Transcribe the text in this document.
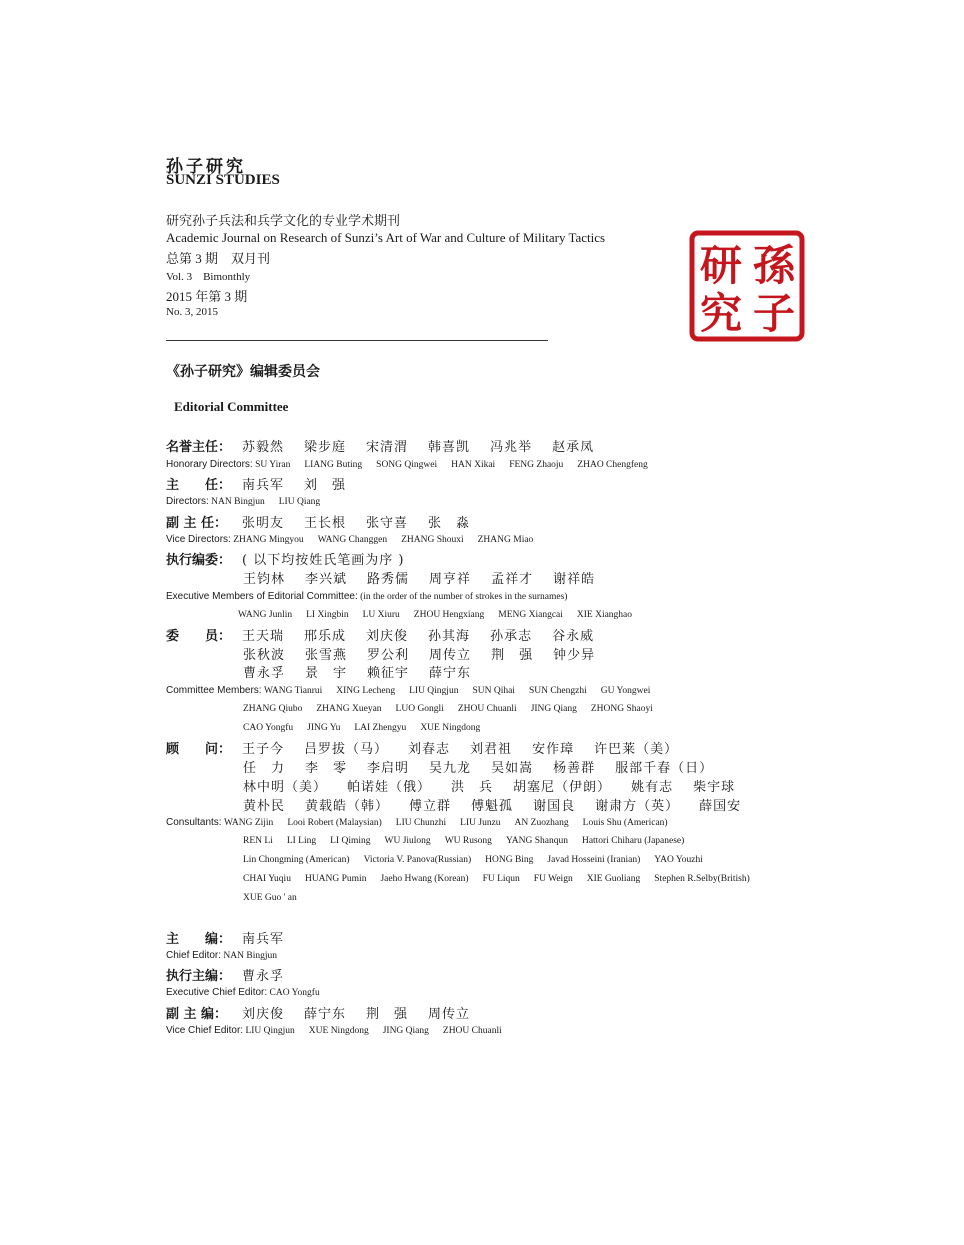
孙子研究
SUNZI STUDIES
研究孙子兵法和兵学文化的专业学术期刊
Academic Journal on Research of Sunzi’s Art of War and Culture of Military Tactics
总第 3 期　双月刊
Vol. 3　Bimonthly
2015 年第 3 期
No. 3, 2015
孫
子
研
究
《孙子研究》编辑委员会
Editorial Committee
名誉主任： 苏毅然 梁步庭 宋清渭 韩喜凯 冯兆举 赵承凤
Honorary Directors: SU Yiran LIANG Buting SONG Qingwei HAN Xikai FENG Zhaoju ZHAO Chengfeng
主　　任： 南兵军 刘　强
Directors: NAN Bingjun LIU Qiang
副 主 任： 张明友 王长根 张守喜 张　淼
Vice Directors: ZHANG Mingyou WANG Changgen ZHANG Shouxi ZHANG Miao
执行编委： ( 以下均按姓氏笔画为序 )
王钧林 李兴斌 路秀儒 周亨祥 孟祥才 谢祥皓
Executive Members of Editorial Committee: (in the order of the number of strokes in the surnames)
WANG Junlin LI Xingbin LU Xiuru ZHOU Hengxiang MENG Xiangcai XIE Xianghao
委　　员： 王天瑞 邢乐成 刘庆俊 孙其海 孙承志 谷永威
张秋波 张雪燕 罗公利 周传立 荆　强 钟少异
曹永孚 景　宇 赖征宇 薛宁东
Committee Members: WANG Tianrui XING Lecheng LIU Qingjun SUN Qihai SUN Chengzhi GU Yongwei
ZHANG Qiubo ZHANG Xueyan LUO Gongli ZHOU Chuanli JING Qiang ZHONG Shaoyi
CAO Yongfu JING Yu LAI Zhengyu XUE Ningdong
顾　　问： 王子今 吕罗拔（马） 刘春志 刘君祖 安作璋 许巴莱（美）
任　力 李　零 李启明 吴九龙 吴如嵩 杨善群 服部千春（日）
林中明（美） 帕诺娃（俄） 洪　兵 胡塞尼（伊朗） 姚有志 柴宇球
黄朴民 黄载皓（韩） 傅立群 傅魁孤 谢国良 谢肃方（英） 薛国安
Consultants: WANG Zijin Looi Robert (Malaysian) LIU Chunzhi LIU Junzu AN Zuozhang Louis Shu (American)
REN Li LI Ling LI Qiming WU Jiulong WU Rusong YANG Shanqun Hattori Chiharu (Japanese)
Lin Chongming (American) Victoria V. Panova(Russian) HONG Bing Javad Hosseini (Iranian) YAO Youzhi
CHAI Yuqiu HUANG Pumin Jaeho Hwang (Korean) FU Liqun FU Weign XIE Guoliang Stephen R.Selby(British)
XUE Guo ' an
主　　编： 南兵军
Chief Editor: NAN Bingjun
执行主编： 曹永孚
Executive Chief Editor: CAO Yongfu
副 主 编： 刘庆俊 薛宁东 荆　强 周传立
Vice Chief Editor: LIU Qingjun XUE Ningdong JING Qiang ZHOU Chuanli
